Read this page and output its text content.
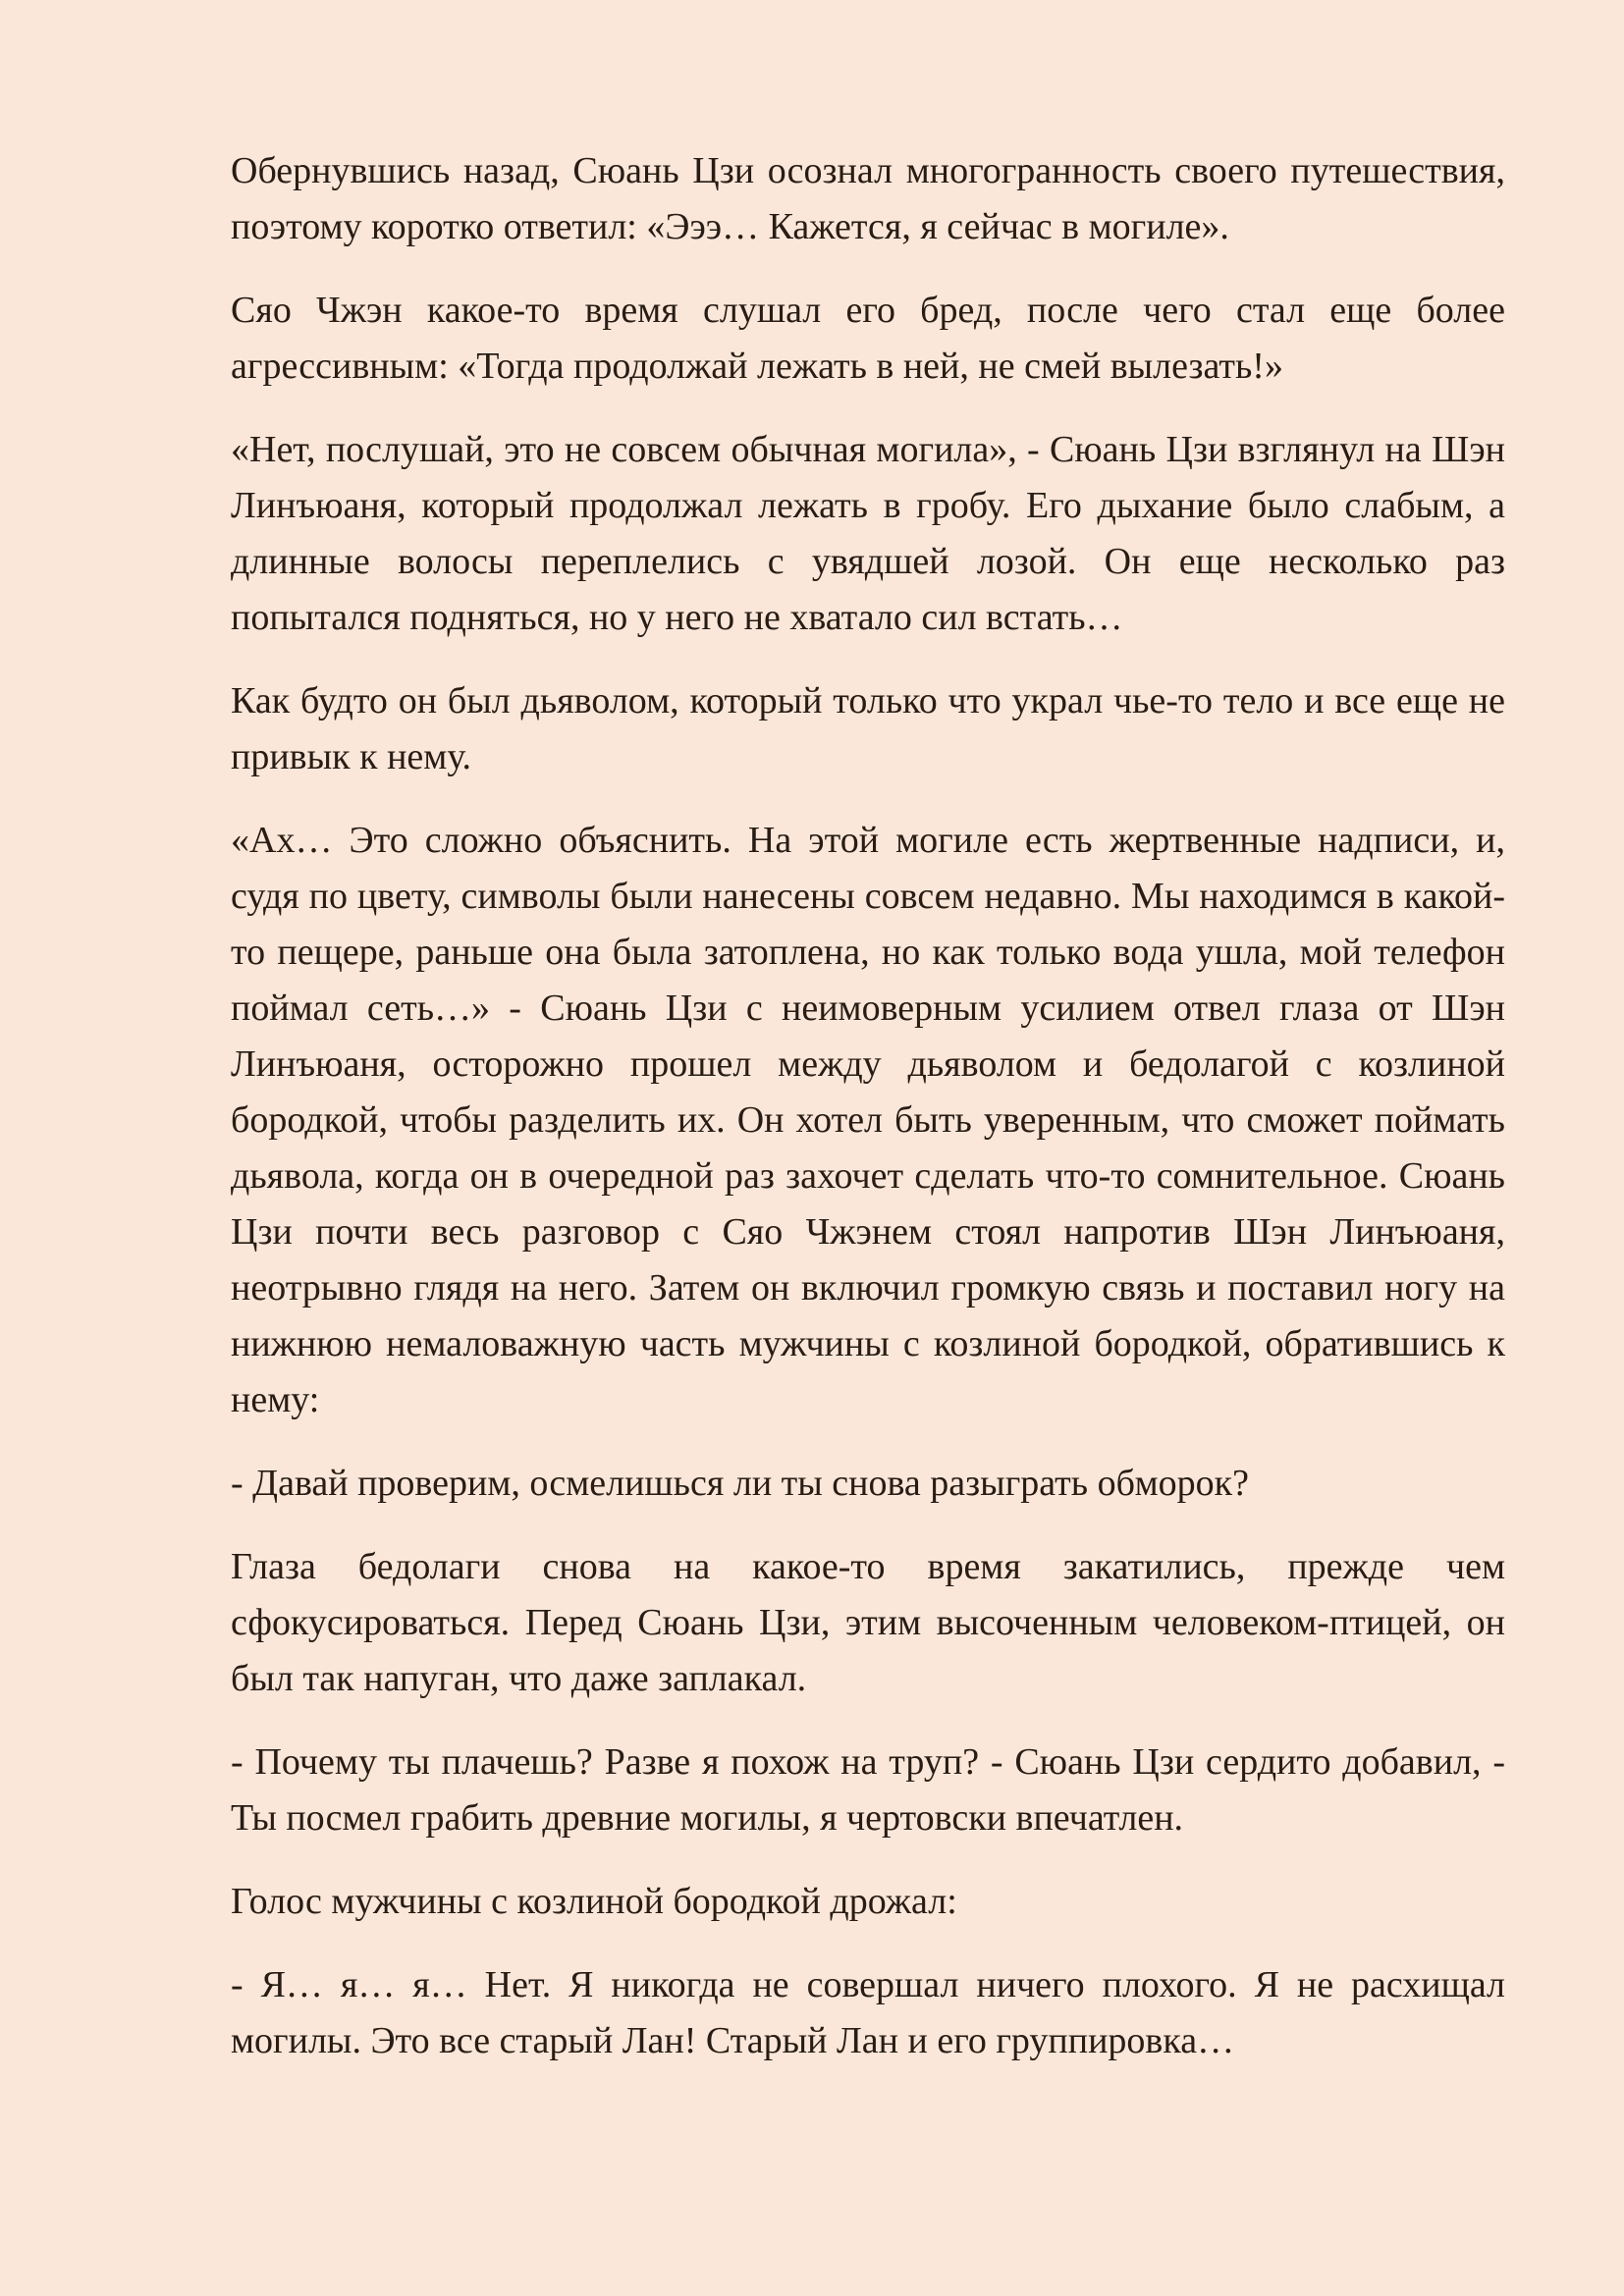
Обернувшись назад, Сюань Цзи осознал многогранность своего путешествия, поэтому коротко ответил: «Эээ… Кажется, я сейчас в могиле».

Сяо Чжэн какое-то время слушал его бред, после чего стал еще более агрессивным: «Тогда продолжай лежать в ней, не смей вылезать!»

«Нет, послушай, это не совсем обычная могила», - Сюань Цзи взглянул на Шэн Линъюаня, который продолжал лежать в гробу. Его дыхание было слабым, а длинные волосы переплелись с увядшей лозой. Он еще несколько раз попытался подняться, но у него не хватало сил встать…

Как будто он был дьяволом, который только что украл чье-то тело и все еще не привык к нему.

«Ах… Это сложно объяснить. На этой могиле есть жертвенные надписи, и, судя по цвету, символы были нанесены совсем недавно. Мы находимся в какой-то пещере, раньше она была затоплена, но как только вода ушла, мой телефон поймал сеть…» - Сюань Цзи с неимоверным усилием отвел глаза от Шэн Линъюаня, осторожно прошел между дьяволом и бедолагой с козлиной бородкой, чтобы разделить их. Он хотел быть уверенным, что сможет поймать дьявола, когда он в очередной раз захочет сделать что-то сомнительное. Сюань Цзи почти весь разговор с Сяо Чжэнем стоял напротив Шэн Линъюаня, неотрывно глядя на него. Затем он включил громкую связь и поставил ногу на нижнюю немаловажную часть мужчины с козлиной бородкой, обратившись к нему:

- Давай проверим, осмелишься ли ты снова разыграть обморок?

Глаза бедолаги снова на какое-то время закатились, прежде чем сфокусироваться. Перед Сюань Цзи, этим высоченным человеком-птицей, он был так напуган, что даже заплакал.

- Почему ты плачешь? Разве я похож на труп? - Сюань Цзи сердито добавил, - Ты посмел грабить древние могилы, я чертовски впечатлен.

Голос мужчины с козлиной бородкой дрожал:

- Я… я… я… Нет. Я никогда не совершал ничего плохого. Я не расхищал могилы. Это все старый Лан! Старый Лан и его группировка…
